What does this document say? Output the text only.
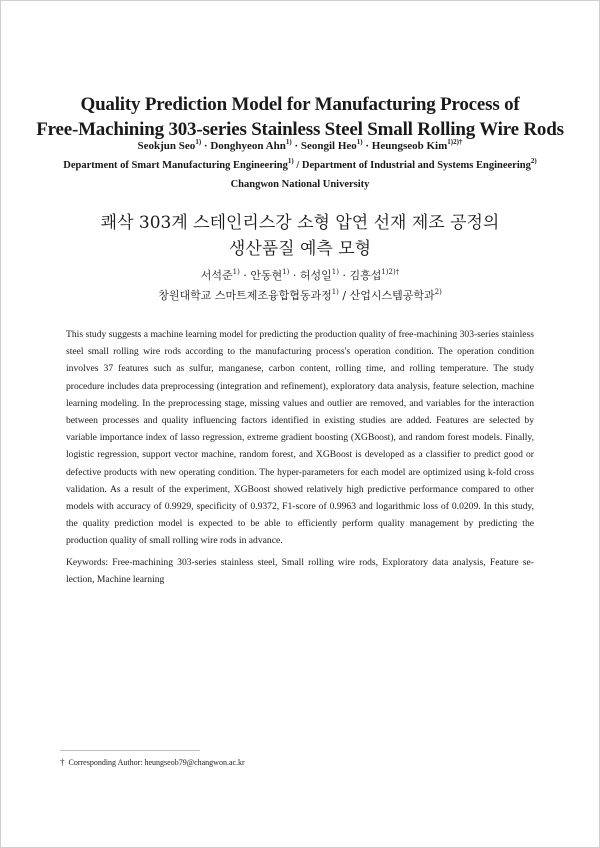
Quality Prediction Model for Manufacturing Process of
Free-Machining 303-series Stainless Steel Small Rolling Wire Rods
Seokjun Seo$^{1)}$ · Donghyeon Ahn$^{1)}$ · Seongil Heo$^{1)}$ · Heungseob Kim$^{1)2)\dagger}$
Department of Smart Manufacturing Engineering$^{1)}$ / Department of Industrial and Systems Engineering$^{2)}$
Changwon National University
쾌삭 303계 스테인리스강 소형 압연 선재 제조 공정의
생산품질 예측 모형
서석준$^{1)}$ · 안동현$^{1)}$ · 허성일$^{1)}$ · 김흥섭$^{1)2)\dagger}$
창원대학교 스마트제조융합협동과정$^{1)}$ / 산업시스템공학과$^{2)}$

This study suggests a machine learning model for predicting the production quality of free-machining 303-series stainless steel small rolling wire rods according to the manufacturing process's operation condition. The operation condition involves 37 features such as sulfur, manganese, carbon content, rolling time, and rolling temperature. The study procedure includes data preprocessing (integration and refinement), exploratory data analysis, feature selection, machine learning modeling. In the preprocessing stage, missing values and outlier are removed, and variables for the interaction between processes and quality influencing factors identified in existing studies are added. Features are selected by variable importance index of lasso regression, extreme gradient boosting (XGBoost), and random forest models. Finally, logistic regression, support vector machine, random forest, and XGBoost is developed as a classifier to predict good or defective products with new operating condition. The hyper-parameters for each model are optimized using k-fold cross validation. As a result of the experiment, XGBoost showed relatively high predictive performance compared to other models with accuracy of 0.9929, specificity of 0.9372, F1-score of 0.9963 and logarithmic loss of 0.0209. In this study, the quality prediction model is expected to be able to efficiently perform quality management by predicting the production quality of small rolling wire rods in advance.

Keywords: Free-machining 303-series stainless steel, Small rolling wire rods, Exploratory data analysis, Feature selection, Machine learning

† Corresponding Author: heungseob79@changwon.ac.kr
